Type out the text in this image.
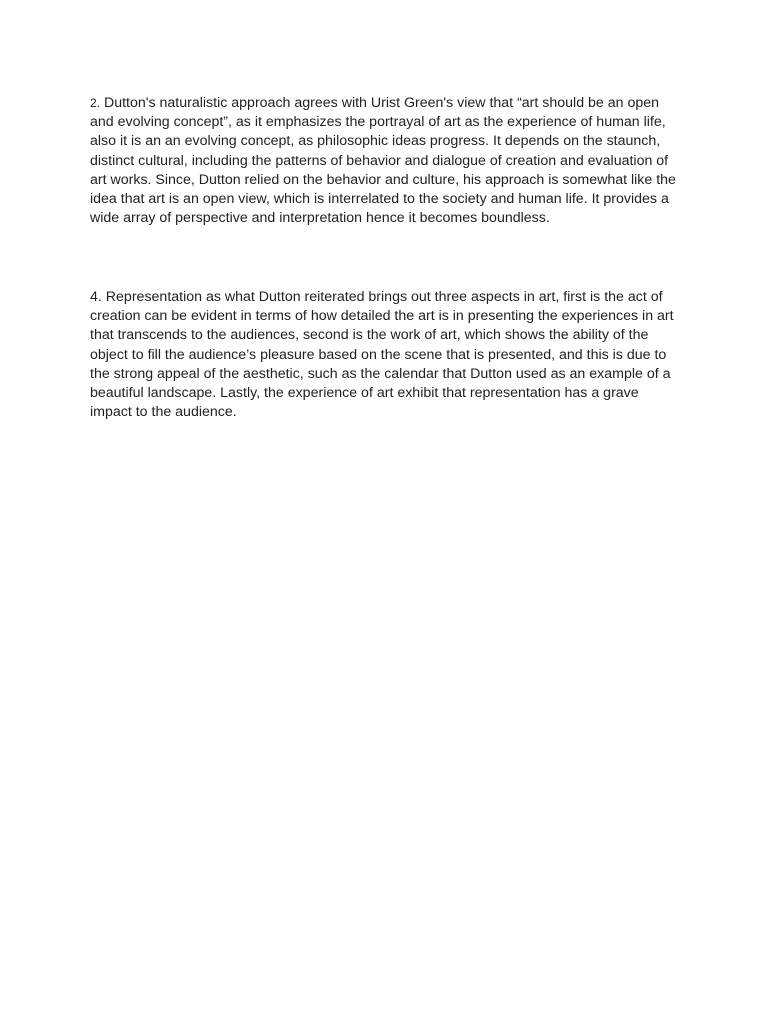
2. Dutton's naturalistic approach agrees with Urist Green's view that “art should be an open and evolving concept”, as it emphasizes the portrayal of art as the experience of human life, also it is an an evolving concept, as philosophic ideas progress. It depends on the staunch, distinct cultural, including the patterns of behavior and dialogue of creation and evaluation of art works. Since, Dutton relied on the behavior and culture, his approach is somewhat like the idea that art is an open view, which is interrelated to the society and human life. It provides a wide array of perspective and interpretation hence it becomes boundless.

4. Representation as what Dutton reiterated brings out three aspects in art, first is the act of creation can be evident in terms of how detailed the art is in presenting the experiences in art that transcends to the audiences, second is the work of art, which shows the ability of the object to fill the audience’s pleasure based on the scene that is presented, and this is due to the strong appeal of the aesthetic, such as the calendar that Dutton used as an example of a beautiful landscape. Lastly, the experience of art exhibit that representation has a grave impact to the audience.
